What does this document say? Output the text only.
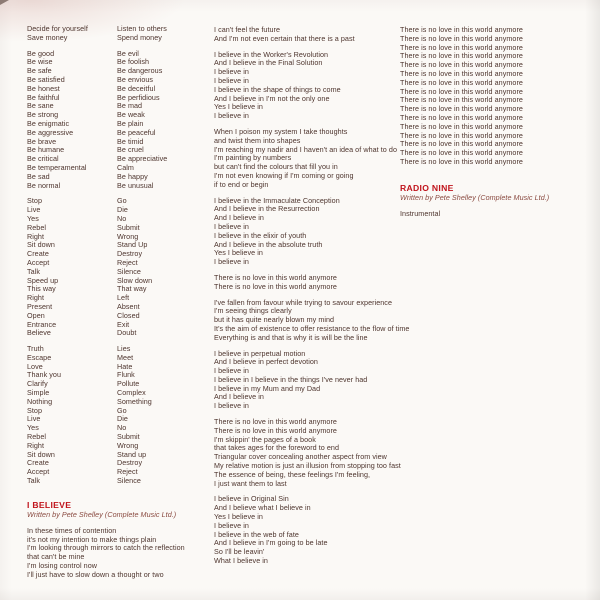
Decide for yourself	Listen to others
Save money	Spend money
Be good	Be evil
Be wise	Be foolish
Be safe	Be dangerous
Be satisfied	Be envious
Be honest	Be deceitful
Be faithful	Be perfidious
Be sane	Be mad
Be strong	Be weak
Be enigmatic	Be plain
Be aggressive	Be peaceful
Be brave	Be timid
Be humane	Be cruel
Be critical	Be appreciative
Be temperamental	Calm
Be sad	Be happy
Be normal	Be unusual
Stop	Go
Live	Die
Yes	No
Rebel	Submit
Right	Wrong
Sit down	Stand Up
Create	Destroy
Accept	Reject
Talk	Silence
Speed up	Slow down
This way	That way
Right	Left
Present	Absent
Open	Closed
Entrance	Exit
Believe	Doubt
Truth	Lies
Escape	Meet
Love	Hate
Thank you	Flunk
Clarify	Pollute
Simple	Complex
Nothing	Something
Stop	Go
Live	Die
Yes	No
Rebel	Submit
Right	Wrong
Sit down	Stand up
Create	Destroy
Accept	Reject
Talk	Silence
I BELIEVE
Written by Pete Shelley (Complete Music Ltd.)
In these times of contention
it's not my intention to make things plain
I'm looking through mirrors to catch the reflection
that can't be mine
I'm losing control now
I'll just have to slow down a thought or two
I can't feel the future
And I'm not even certain that there is a past
I believe in the Worker's Revolution
And I believe in the Final Solution
I believe in
I believe in
I believe in the shape of things to come
And I believe in I'm not the only one
Yes I believe in
I believe in
When I poison my system I take thoughts
and twist them into shapes
I'm reaching my nadir and I haven't an idea of what to do
I'm painting by numbers
but can't find the colours that fill you in
I'm not even knowing if I'm coming or going
if to end or begin
I believe in the Immaculate Conception
And I believe in the Resurrection
And I believe in
I believe in
I believe in the elixir of youth
And I believe in the absolute truth
Yes I believe in
I believe in
There is no love in this world anymore
There is no love in this world anymore
I've fallen from favour while trying to savour experience
I'm seeing things clearly
but it has quite nearly blown my mind
It's the aim of existence to offer resistance to the flow of time
Everything is and that is why it is will be the line
I believe in perpetual motion
And I believe in perfect devotion
I believe in
I believe in I believe in the things I've never had
I believe in my Mum and my Dad
And I believe in
I believe in
There is no love in this world anymore
There is no love in this world anymore
I'm skippin' the pages of a book
that takes ages for the foreword to end
Triangular cover concealing another aspect from view
My relative motion is just an illusion from stopping too fast
The essence of being, these feelings I'm feeling,
I just want them to last
I believe in Original Sin
And I believe what I believe in
Yes I believe in
I believe in
I believe in the web of fate
And I believe in I'm going to be late
So I'll be leavin'
What I believe in
There is no love in this world anymore
There is no love in this world anymore
There is no love in this world anymore
There is no love in this world anymore
There is no love in this world anymore
There is no love in this world anymore
There is no love in this world anymore
There is no love in this world anymore
There is no love in this world anymore
There is no love in this world anymore
There is no love in this world anymore
There is no love in this world anymore
There is no love in this world anymore
There is no love in this world anymore
There is no love in this world anymore
There is no love in this world anymore
RADIO NINE
Written by Pete Shelley (Complete Music Ltd.)
Instrumental
